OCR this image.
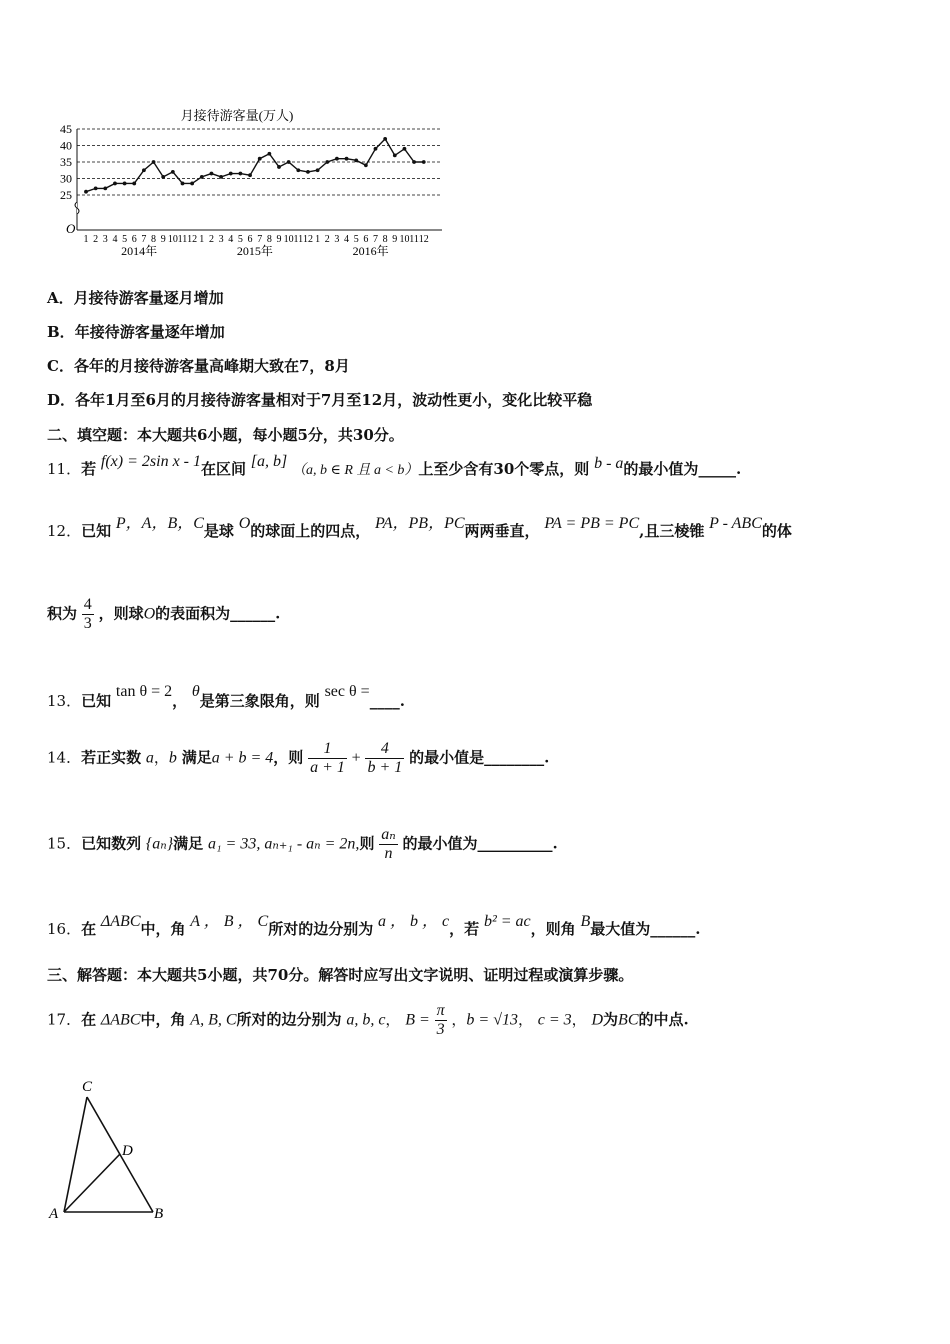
月接待游客量(万人)
25
30
35
40
45
1 2 3 4 5 6 7 8 9 10 11 12 1 2 3 4 5 6 7 8 9 10 11 12 1 2 3 4 5 6 7 8 9 10 11 12
2014年	2015年	2016年
O
A．月接待游客量逐月增加
B．年接待游客量逐年增加
C．各年的月接待游客量高峰期大致在7，8月
D．各年1月至6月的月接待游客量相对于7月至12月，波动性更小，变化比较平稳
二、填空题：本大题共6小题，每小题5分，共30分。
11．若 f(x) = 2sin x - 1在区间 [a, b] （a, b ∈ R 且 a < b）上至少含有30个零点，则 b - a的最小值为_____.
12．已知 P，A，B，C是球 O的球面上的四点， PA，PB，PC两两垂直， PA = PB = PC,且三棱锥 P - ABC的体
积为 $\frac{4}{3}$ ，则球O的表面积为______.
13．已知 tan θ = 2， θ是第三象限角，则 sec θ =____.
14．若正实数 a，b 满足a + b = 4，则 $\frac{1}{a + 1} + \frac{4}{b + 1}$ 的最小值是________.
15．已知数列 {aₙ}满足 a₁ = 33, aₙ₊₁ - aₙ = 2n,则 $\frac{\text{aₙ}}{n}$ 的最小值为__________.
16．在 ΔABC中，角 A ， B ， C所对的边分别为 a ， b ， c，若 b² = ac，则角 B最大值为______.
三、解答题：本大题共5小题，共70分。解答时应写出文字说明、证明过程或演算步骤。
17．在 ΔABC中，角 A, B, C所对的边分别为 a, b, c， $B = \frac{\pi}{3}$ ，b = √13， c = 3， D为BC的中点.
C
D
A	B
